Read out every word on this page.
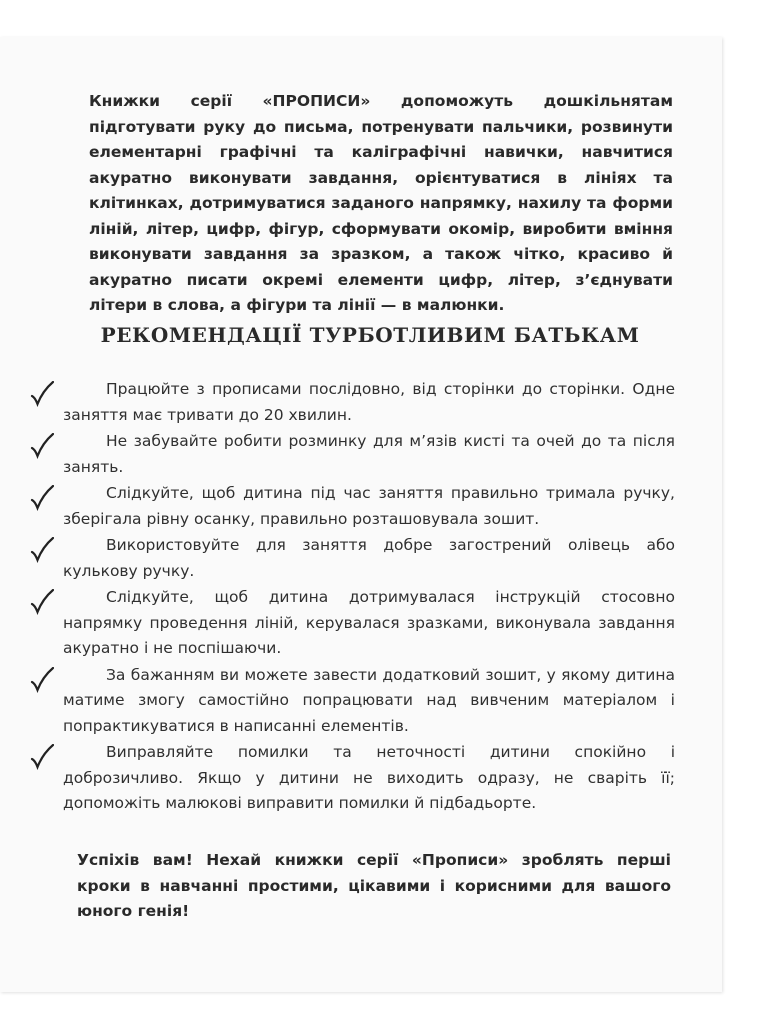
Книжки серії «ПРОПИСИ» допоможуть дошкільнятам підготувати руку до письма, потренувати пальчики, розвинути елементарні графічні та каліграфічні навички, навчитися акуратно виконувати завдання, орієнтуватися в лініях та клітинках, дотримуватися заданого напрямку, нахилу та форми ліній, літер, цифр, фігур, сформувати окомір, виробити вміння виконувати завдання за зразком, а також чітко, красиво й акуратно писати окремі елементи цифр, літер, з’єднувати літери в слова, а фігури та лінії — в малюнки.

РЕКОМЕНДАЦІЇ ТУРБОТЛИВИМ БАТЬКАМ
Працюйте з прописами послідовно, від сторінки до сторінки. Одне заняття має тривати до 20 хвилин.
Не забувайте робити розминку для м’язів кисті та очей до та після занять.
Слідкуйте, щоб дитина під час заняття правильно тримала ручку, зберігала рівну осанку, правильно розташовувала зошит.
Використовуйте для заняття добре загострений олівець або кулькову ручку.
Слідкуйте, щоб дитина дотримувалася інструкцій стосовно напрямку проведення ліній, керувалася зразками, виконувала завдання акуратно і не поспішаючи.
За бажанням ви можете завести додатковий зошит, у якому дитина матиме змогу самостійно попрацювати над вивченим матеріалом і попрактикуватися в написанні елементів.
Виправляйте помилки та неточності дитини спокійно і доброзичливо. Якщо у дитини не виходить одразу, не сваріть її; допоможіть малюкові виправити помилки й підбадьорте.

Успіхів вам! Нехай книжки серії «Прописи» зроблять перші кроки в навчанні простими, цікавими і корисними для вашого юного генія!
